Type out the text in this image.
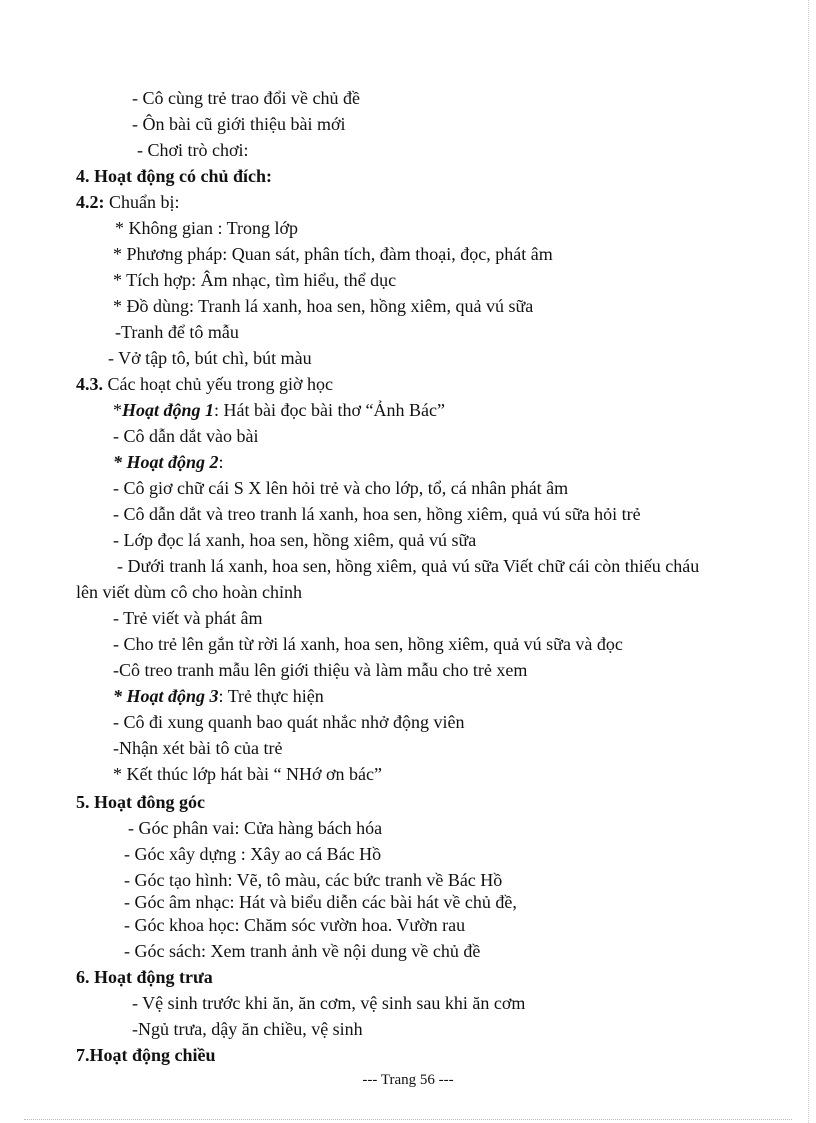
- Cô cùng trẻ trao đổi về chủ đề
- Ôn bài cũ giới thiệu bài mới
- Chơi trò chơi:
4. Hoạt động có chủ đích:
4.2: Chuẩn bị:
* Không gian : Trong lớp
* Phương pháp: Quan sát, phân tích, đàm thoại, đọc, phát âm
* Tích hợp: Âm nhạc, tìm hiểu, thể dục
* Đồ dùng: Tranh lá xanh, hoa sen, hồng xiêm, quả vú sữa
-Tranh để tô mẫu
- Vở tập tô, bút chì, bút màu
4.3. Các hoạt chủ yếu trong giờ học
*Hoạt động 1: Hát bài đọc bài thơ “Ảnh Bác”
- Cô dẫn dắt vào bài
* Hoạt động 2:
- Cô giơ chữ cái S X lên hỏi trẻ và cho lớp, tổ, cá nhân phát âm
- Cô dẫn dắt và treo tranh lá xanh, hoa sen, hồng xiêm, quả vú sữa hỏi trẻ
- Lớp đọc lá xanh, hoa sen, hồng xiêm, quả vú sữa
- Dưới tranh lá xanh, hoa sen, hồng xiêm, quả vú sữa Viết chữ cái còn thiếu cháu
lên viết dùm cô cho hoàn chỉnh
- Trẻ viết và phát âm
- Cho trẻ lên gắn từ rời lá xanh, hoa sen, hồng xiêm, quả vú sữa và đọc
-Cô treo tranh mẫu lên giới thiệu và làm mẫu cho trẻ xem
* Hoạt động 3: Trẻ thực hiện
- Cô đi xung quanh bao quát nhắc nhở động viên
-Nhận xét bài tô của trẻ
* Kết thúc lớp hát bài “ NHớ ơn bác”
5. Hoạt đông góc
- Góc phân vai: Cửa hàng bách hóa
- Góc xây dựng : Xây ao cá Bác Hồ
- Góc tạo hình: Vẽ, tô màu, các bức tranh về Bác Hồ
- Góc âm nhạc: Hát và biểu diễn các bài hát về chủ đề,
- Góc khoa học: Chăm sóc vườn hoa. Vườn rau
- Góc sách: Xem tranh ảnh về nội dung về chủ đề
6. Hoạt động trưa
- Vệ sinh trước khi ăn, ăn cơm, vệ sinh sau khi ăn cơm
-Ngủ trưa, dậy ăn chiều, vệ sinh
7.Hoạt động chiều
--- Trang 56 ---
